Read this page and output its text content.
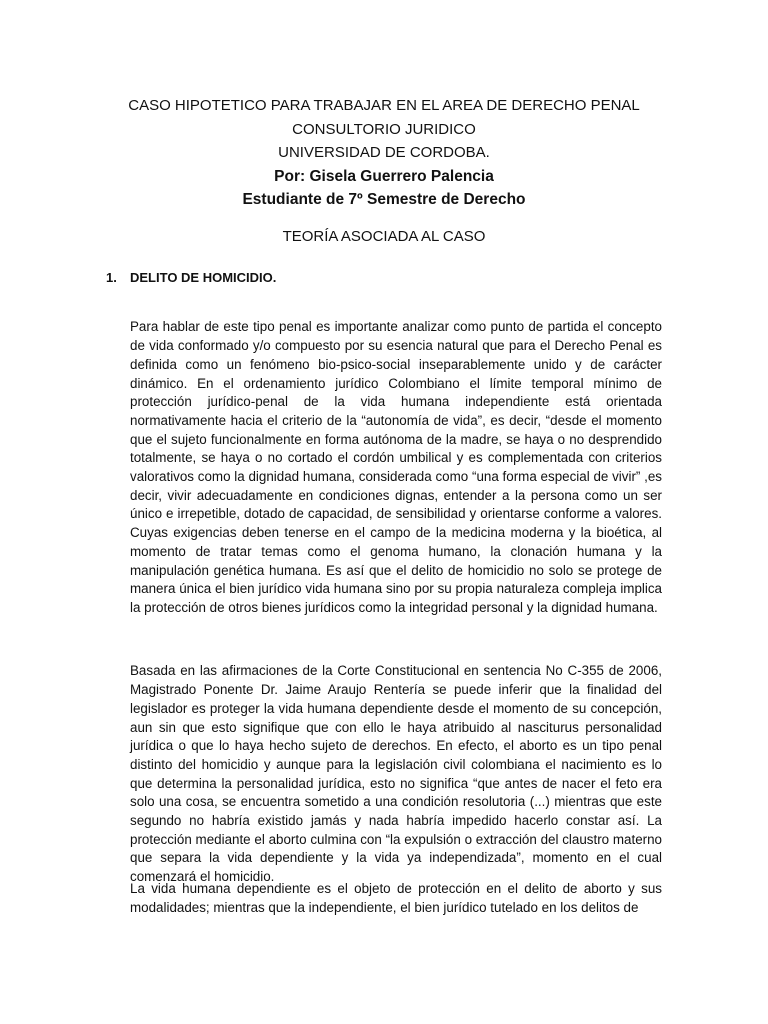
CASO HIPOTETICO PARA TRABAJAR EN EL AREA DE DERECHO PENAL
CONSULTORIO JURIDICO
UNIVERSIDAD DE CORDOBA.
Por: Gisela Guerrero Palencia
Estudiante de 7º Semestre de Derecho
TEORÍA ASOCIADA AL CASO
1. DELITO DE HOMICIDIO.

Para hablar de este tipo penal es importante analizar como punto de partida el concepto de vida conformado y/o compuesto por su esencia natural que para el Derecho Penal es definida como un fenómeno bio-psico-social inseparablemente unido y de carácter dinámico. En el ordenamiento jurídico Colombiano el límite temporal mínimo de protección jurídico-penal de la vida humana independiente está orientada normativamente hacia el criterio de la “autonomía de vida”, es decir, “desde el momento que el sujeto funcionalmente en forma autónoma de la madre, se haya o no desprendido totalmente, se haya o no cortado el cordón umbilical y es complementada con criterios valorativos como la dignidad humana, considerada como “una forma especial de vivir” ,es decir, vivir adecuadamente en condiciones dignas, entender a la persona como un ser único e irrepetible, dotado de capacidad, de sensibilidad y orientarse conforme a valores. Cuyas exigencias deben tenerse en el campo de la medicina moderna y la bioética, al momento de tratar temas como el genoma humano, la clonación humana y la manipulación genética humana. Es así que el delito de homicidio no solo se protege de manera única el bien jurídico vida humana sino por su propia naturaleza compleja implica la protección de otros bienes jurídicos como la integridad personal y la dignidad humana.

Basada en las afirmaciones de la Corte Constitucional en sentencia No C-355 de 2006, Magistrado Ponente Dr. Jaime Araujo Rentería se puede inferir que la finalidad del legislador es proteger la vida humana dependiente desde el momento de su concepción, aun sin que esto signifique que con ello le haya atribuido al nasciturus personalidad jurídica o que lo haya hecho sujeto de derechos. En efecto, el aborto es un tipo penal distinto del homicidio y aunque para la legislación civil colombiana el nacimiento es lo que determina la personalidad jurídica, esto no significa “que antes de nacer el feto era solo una cosa, se encuentra sometido a una condición resolutoria (...) mientras que este segundo no habría existido jamás y nada habría impedido hacerlo constar así. La protección mediante el aborto culmina con “la expulsión o extracción del claustro materno que separa la vida dependiente y la vida ya independizada”, momento en el cual comenzará el homicidio.

La vida humana dependiente es el objeto de protección en el delito de aborto y sus modalidades; mientras que la independiente, el bien jurídico tutelado en los delitos de
